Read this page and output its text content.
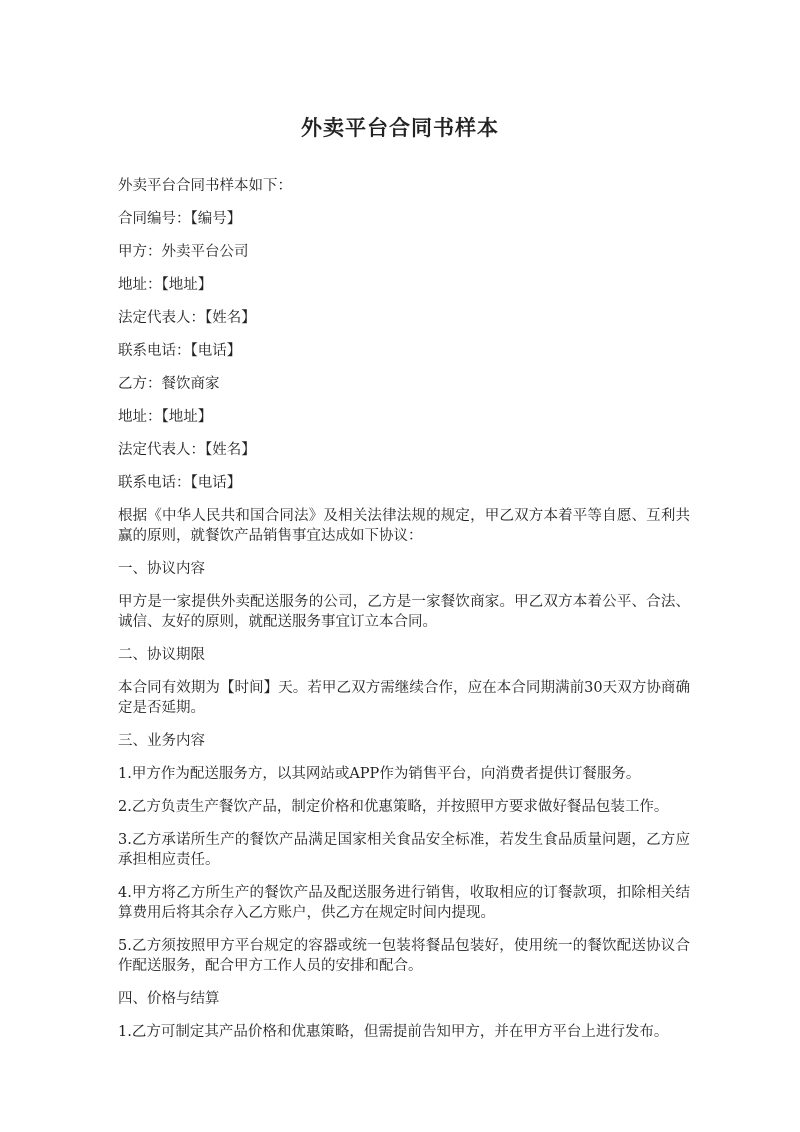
外卖平台合同书样本

外卖平台合同书样本如下：

合同编号：【编号】

甲方：外卖平台公司

地址：【地址】

法定代表人：【姓名】

联系电话：【电话】

乙方：餐饮商家

地址：【地址】

法定代表人：【姓名】

联系电话：【电话】

根据《中华人民共和国合同法》及相关法律法规的规定，甲乙双方本着平等自愿、互利共赢的原则，就餐饮产品销售事宜达成如下协议：

一、协议内容

甲方是一家提供外卖配送服务的公司，乙方是一家餐饮商家。甲乙双方本着公平、合法、诚信、友好的原则，就配送服务事宜订立本合同。

二、协议期限

本合同有效期为【时间】天。若甲乙双方需继续合作，应在本合同期满前30天双方协商确定是否延期。

三、业务内容

1.甲方作为配送服务方，以其网站或APP作为销售平台，向消费者提供订餐服务。

2.乙方负责生产餐饮产品，制定价格和优惠策略，并按照甲方要求做好餐品包装工作。

3.乙方承诺所生产的餐饮产品满足国家相关食品安全标准，若发生食品质量问题，乙方应承担相应责任。

4.甲方将乙方所生产的餐饮产品及配送服务进行销售，收取相应的订餐款项，扣除相关结算费用后将其余存入乙方账户，供乙方在规定时间内提现。

5.乙方须按照甲方平台规定的容器或统一包装将餐品包装好，使用统一的餐饮配送协议合作配送服务，配合甲方工作人员的安排和配合。

四、价格与结算

1.乙方可制定其产品价格和优惠策略，但需提前告知甲方，并在甲方平台上进行发布。
